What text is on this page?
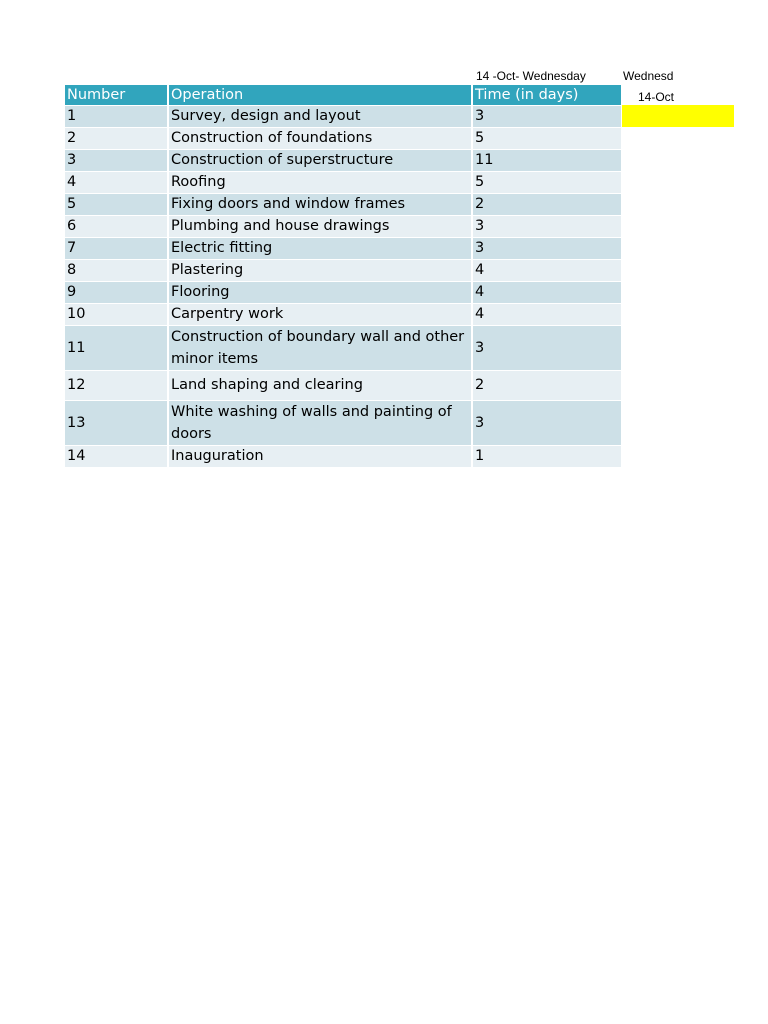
14 -Oct- Wednesday	Wednesd
14-Oct
Number	Operation	Time (in days)
1	Survey, design and layout	3
2	Construction of foundations	5
3	Construction of superstructure	11
4	Roofing	5
5	Fixing doors and window frames	2
6	Plumbing and house drawings	3
7	Electric fitting	3
8	Plastering	4
9	Flooring	4
10	Carpentry work	4
11	Construction of boundary wall and other minor items	3
12	Land shaping and clearing	2
13	White washing of walls and painting of doors	3
14	Inauguration	1
